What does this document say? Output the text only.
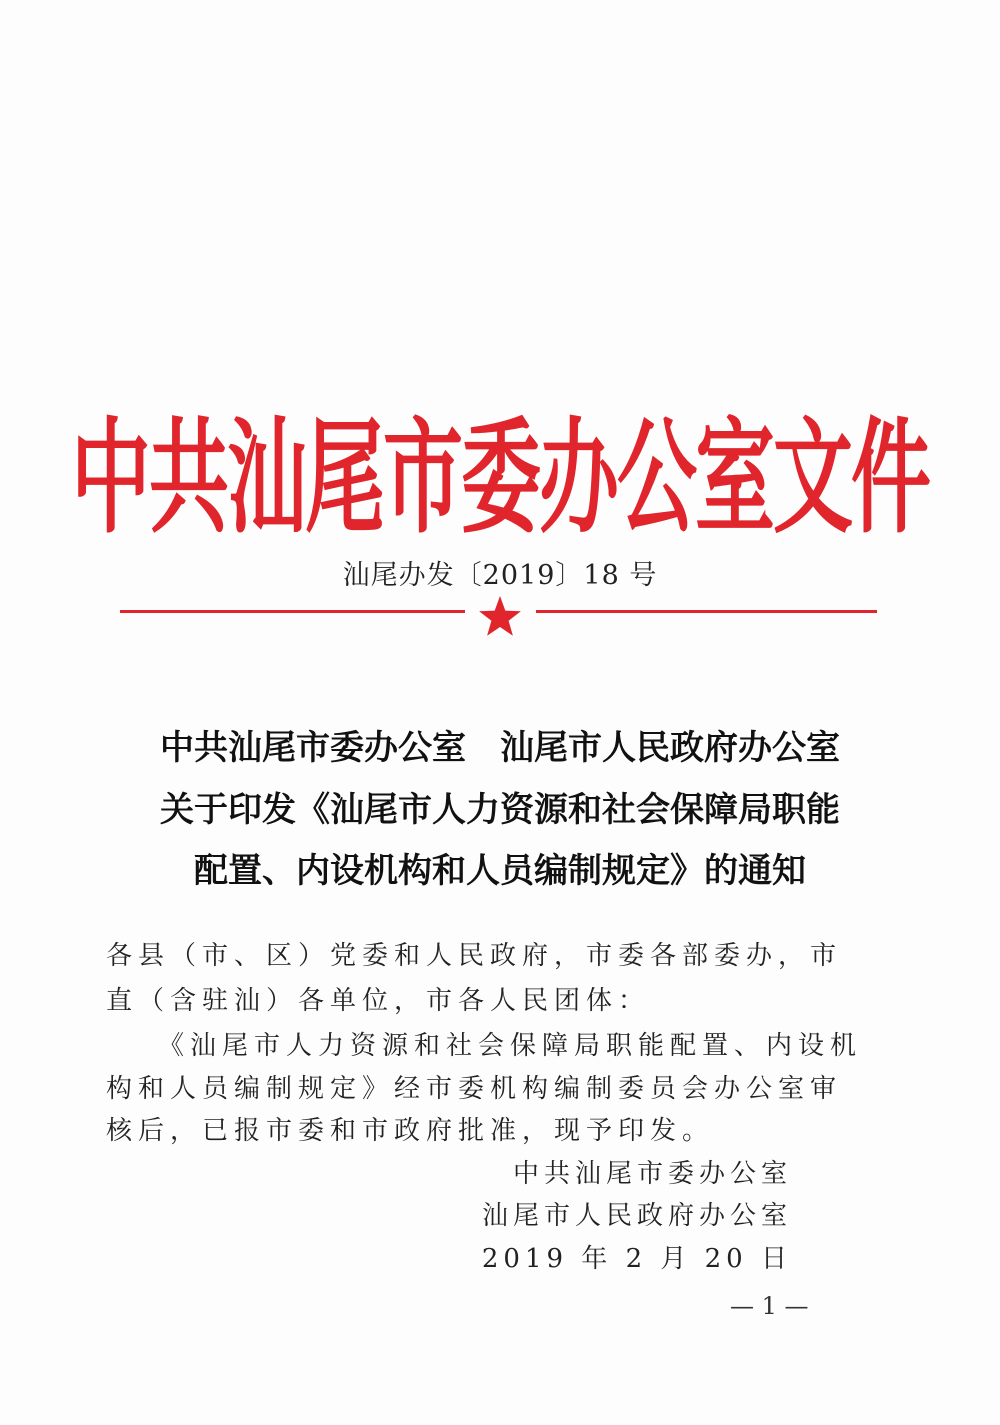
中共汕尾市委办公室文件
汕尾办发〔2019〕18 号
中共汕尾市委办公室　汕尾市人民政府办公室
关于印发《汕尾市人力资源和社会保障局职能
配置、内设机构和人员编制规定》的通知
各县（市、区）党委和人民政府，市委各部委办，市
直（含驻汕）各单位，市各人民团体：
《汕尾市人力资源和社会保障局职能配置、内设机
构和人员编制规定》经市委机构编制委员会办公室审
核后，已报市委和市政府批准，现予印发。
中共汕尾市委办公室
汕尾市人民政府办公室
2019 年 2 月 20 日
— 1 —
